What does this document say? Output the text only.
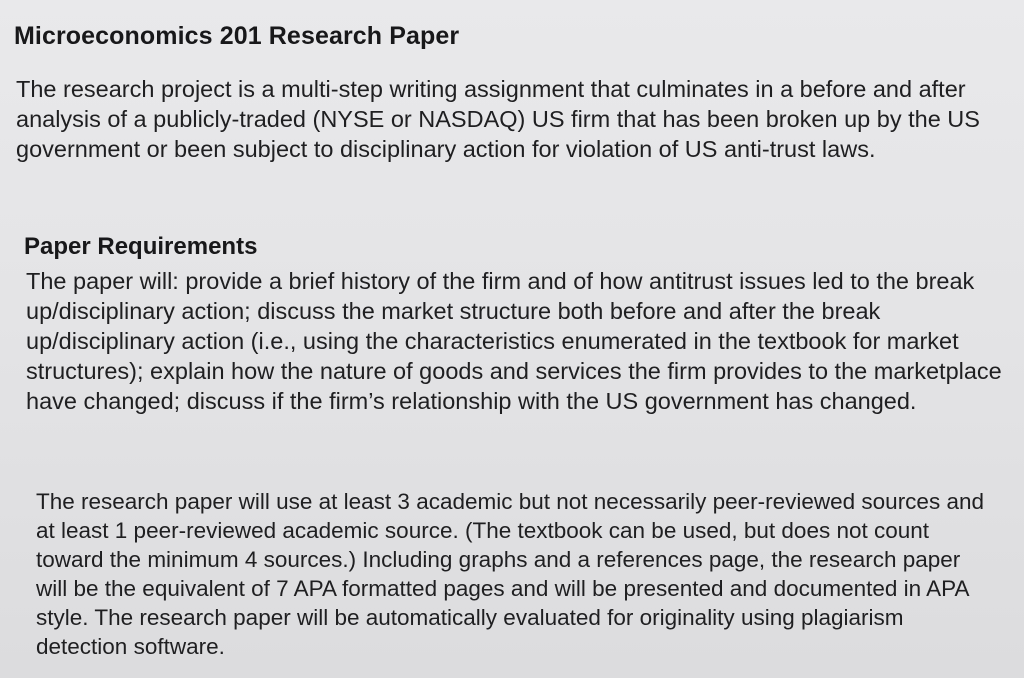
Microeconomics 201 Research Paper

The research project is a multi-step writing assignment that culminates in a before and after analysis of a publicly-traded (NYSE or NASDAQ) US firm that has been broken up by the US government or been subject to disciplinary action for violation of US anti-trust laws.

Paper Requirements

The paper will: provide a brief history of the firm and of how antitrust issues led to the break up/disciplinary action; discuss the market structure both before and after the break up/disciplinary action (i.e., using the characteristics enumerated in the textbook for market structures); explain how the nature of goods and services the firm provides to the marketplace have changed; discuss if the firm’s relationship with the US government has changed.

The research paper will use at least 3 academic but not necessarily peer-reviewed sources and at least 1 peer-reviewed academic source. (The textbook can be used, but does not count toward the minimum 4 sources.) Including graphs and a references page, the research paper will be the equivalent of 7 APA formatted pages and will be presented and documented in APA style. The research paper will be automatically evaluated for originality using plagiarism detection software.
